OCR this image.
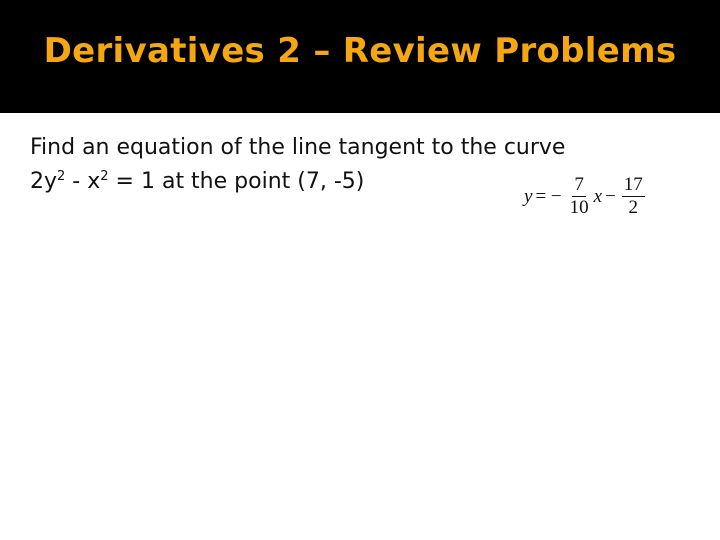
Derivatives 2 – Review Problems
Find an equation of the line tangent to the curve
$2y^2 - x^2 = 1$ at the point (7, -5)
y = − $\frac{7}{10}$ $x - \frac{17}{2}$
